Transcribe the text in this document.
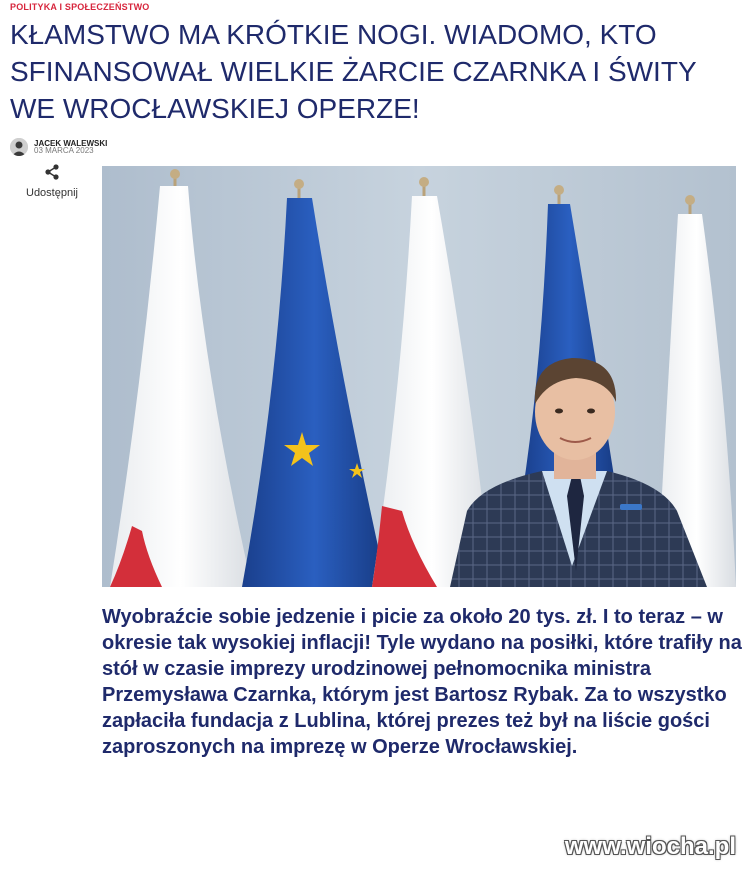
POLITYKA I SPOŁECZEŃSTWO
KŁAMSTWO MA KRÓTKIE NOGI. WIADOMO, KTO SFINANSOWAŁ WIELKIE ŻARCIE CZARNKA I ŚWITY WE WROCŁAWSKIEJ OPERZE!
JACEK WALEWSKI
03 MARCA 2023
Udostępnij

Wyobraźcie sobie jedzenie i picie za około 20 tys. zł. I to teraz – w okresie tak wysokiej inflacji! Tyle wydano na posiłki, które trafiły na stół w czasie imprezy urodzinowej pełnomocnika ministra Przemysława Czarnka, którym jest Bartosz Rybak. Za to wszystko zapłaciła fundacja z Lublina, której prezes też był na liście gości zaproszonych na imprezę w Operze Wrocławskiej.

www.wiocha.pl
